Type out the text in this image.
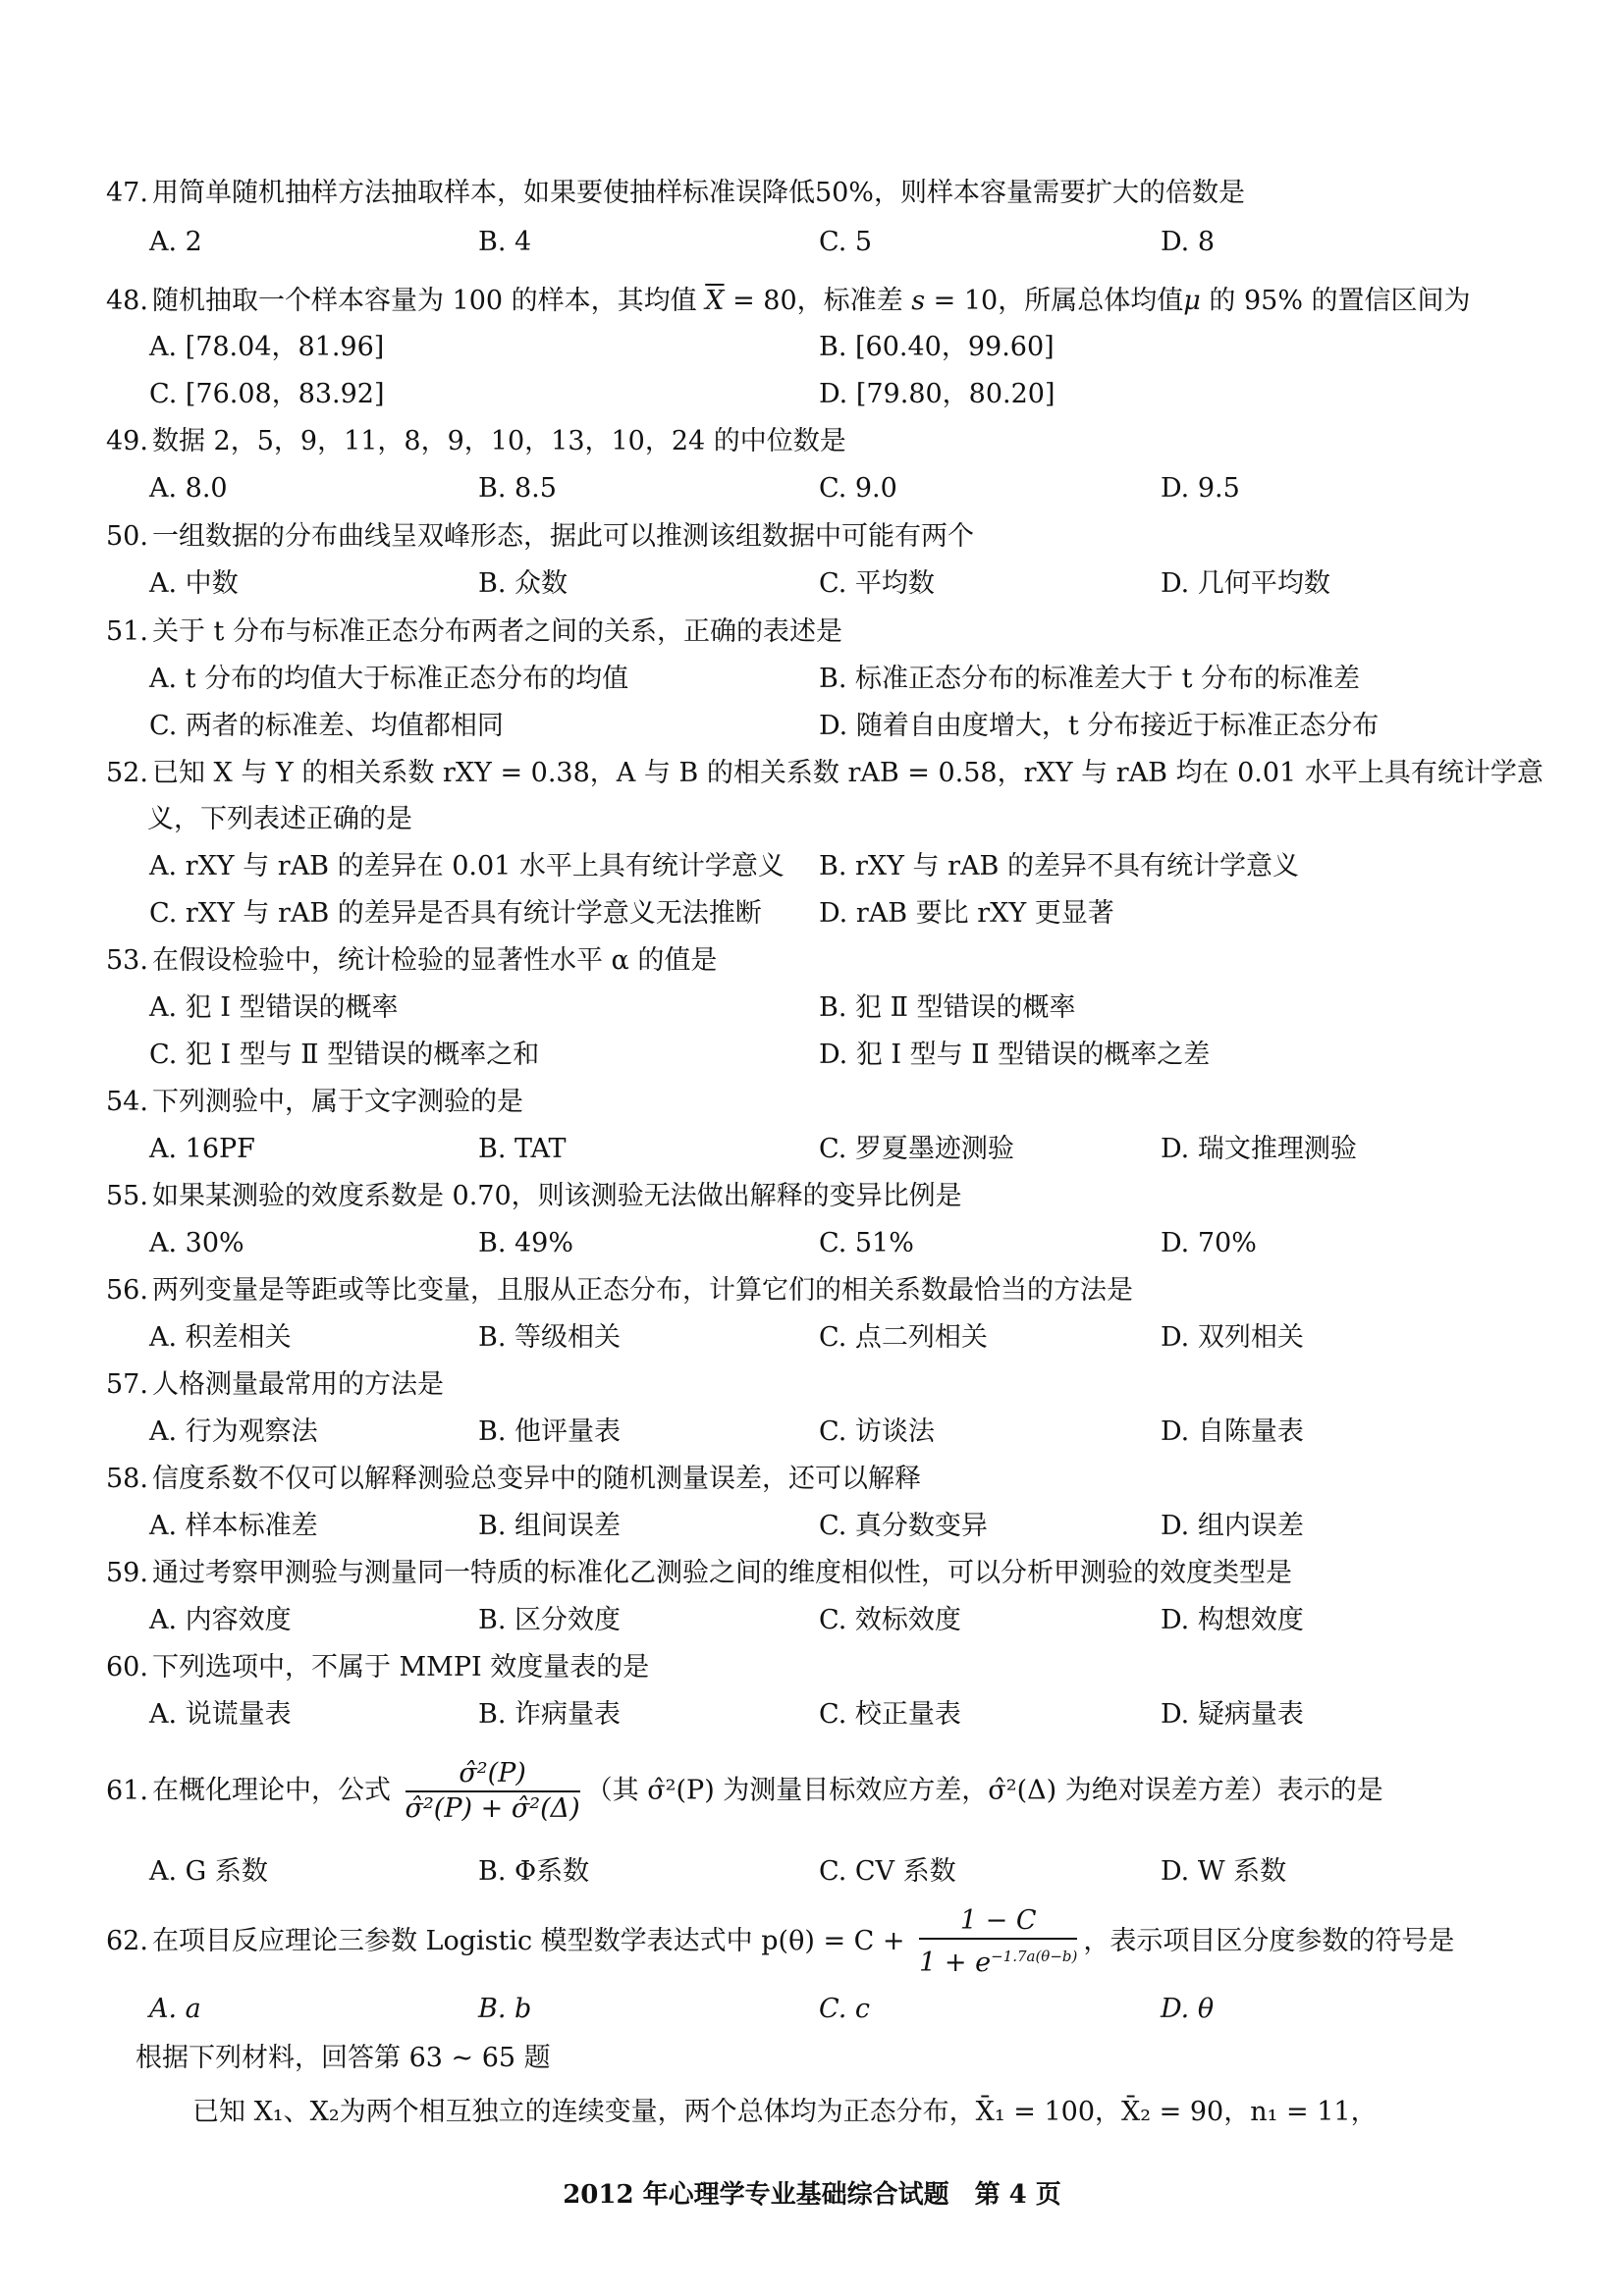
47. 用简单随机抽样方法抽取样本，如果要使抽样标准误降低50%，则样本容量需要扩大的倍数是
A. 2	B. 4	C. 5	D. 8
48. 随机抽取一个样本容量为 100 的样本，其均值 $\overline{X} = 80$，标准差 s = 10，所属总体均值μ 的 95% 的置信区间为
A. [78.04，81.96]	B. [60.40，99.60]
C. [76.08，83.92]	D. [79.80，80.20]
49. 数据 2，5，9，11，8，9，10，13，10，24 的中位数是
A. 8.0	B. 8.5	C. 9.0	D. 9.5
50. 一组数据的分布曲线呈双峰形态，据此可以推测该组数据中可能有两个
A. 中数	B. 众数	C. 平均数	D. 几何平均数
51. 关于 t 分布与标准正态分布两者之间的关系，正确的表述是
A. t 分布的均值大于标准正态分布的均值	B. 标准正态分布的标准差大于 t 分布的标准差
C. 两者的标准差、均值都相同	D. 随着自由度增大，t 分布接近于标准正态分布
52. 已知 X 与 Y 的相关系数 rXY = 0.38，A 与 B 的相关系数 rAB = 0.58，rXY 与 rAB 均在 0.01 水平上具有统计学意
义，下列表述正确的是
A. rXY 与 rAB 的差异在 0.01 水平上具有统计学意义 B. rXY 与 rAB 的差异不具有统计学意义
C. rXY 与 rAB 的差异是否具有统计学意义无法推断 D. rAB 要比 rXY 更显著
53. 在假设检验中，统计检验的显著性水平 α 的值是
A. 犯 Ⅰ 型错误的概率	B. 犯 Ⅱ 型错误的概率
C. 犯 Ⅰ 型与 Ⅱ 型错误的概率之和	D. 犯 Ⅰ 型与 Ⅱ 型错误的概率之差
54. 下列测验中，属于文字测验的是
A. 16PF	B. TAT	C. 罗夏墨迹测验	D. 瑞文推理测验
55. 如果某测验的效度系数是 0.70，则该测验无法做出解释的变异比例是
A. 30%	B. 49%	C. 51%	D. 70%
56. 两列变量是等距或等比变量，且服从正态分布，计算它们的相关系数最恰当的方法是
A. 积差相关	B. 等级相关	C. 点二列相关	D. 双列相关
57. 人格测量最常用的方法是
A. 行为观察法	B. 他评量表	C. 访谈法	D. 自陈量表
58. 信度系数不仅可以解释测验总变异中的随机测量误差，还可以解释
A. 样本标准差	B. 组间误差	C. 真分数变异	D. 组内误差
59. 通过考察甲测验与测量同一特质的标准化乙测验之间的维度相似性，可以分析甲测验的效度类型是
A. 内容效度	B. 区分效度	C. 效标效度	D. 构想效度
60. 下列选项中，不属于 MMPI 效度量表的是
A. 说谎量表	B. 诈病量表	C. 校正量表	D. 疑病量表
61. 在概化理论中，公式 $\frac{\text{σ̂²(P)}}{\text{σ̂²(P) + σ̂²(Δ)}}$ （其 σ̂²(P) 为测量目标效应方差，σ̂²(Δ) 为绝对误差方差）表示的是
A. G 系数	B. Φ系数	C. CV 系数	D. W 系数
62. 在项目反应理论三参数 Logistic 模型数学表达式中 $p(\theta) = C + \frac{1 - C}{1 + e^{-1.7a(\theta-b)}}$ ，表示项目区分度参数的符号是
A. a	B. b	C. c	D. θ
根据下列材料，回答第 63 ~ 65 题
已知 X₁、X₂为两个相互独立的连续变量，两个总体均为正态分布，X̄₁ = 100，X̄₂ = 90，n₁ = 11，
2012 年心理学专业基础综合试题　第 4 页
